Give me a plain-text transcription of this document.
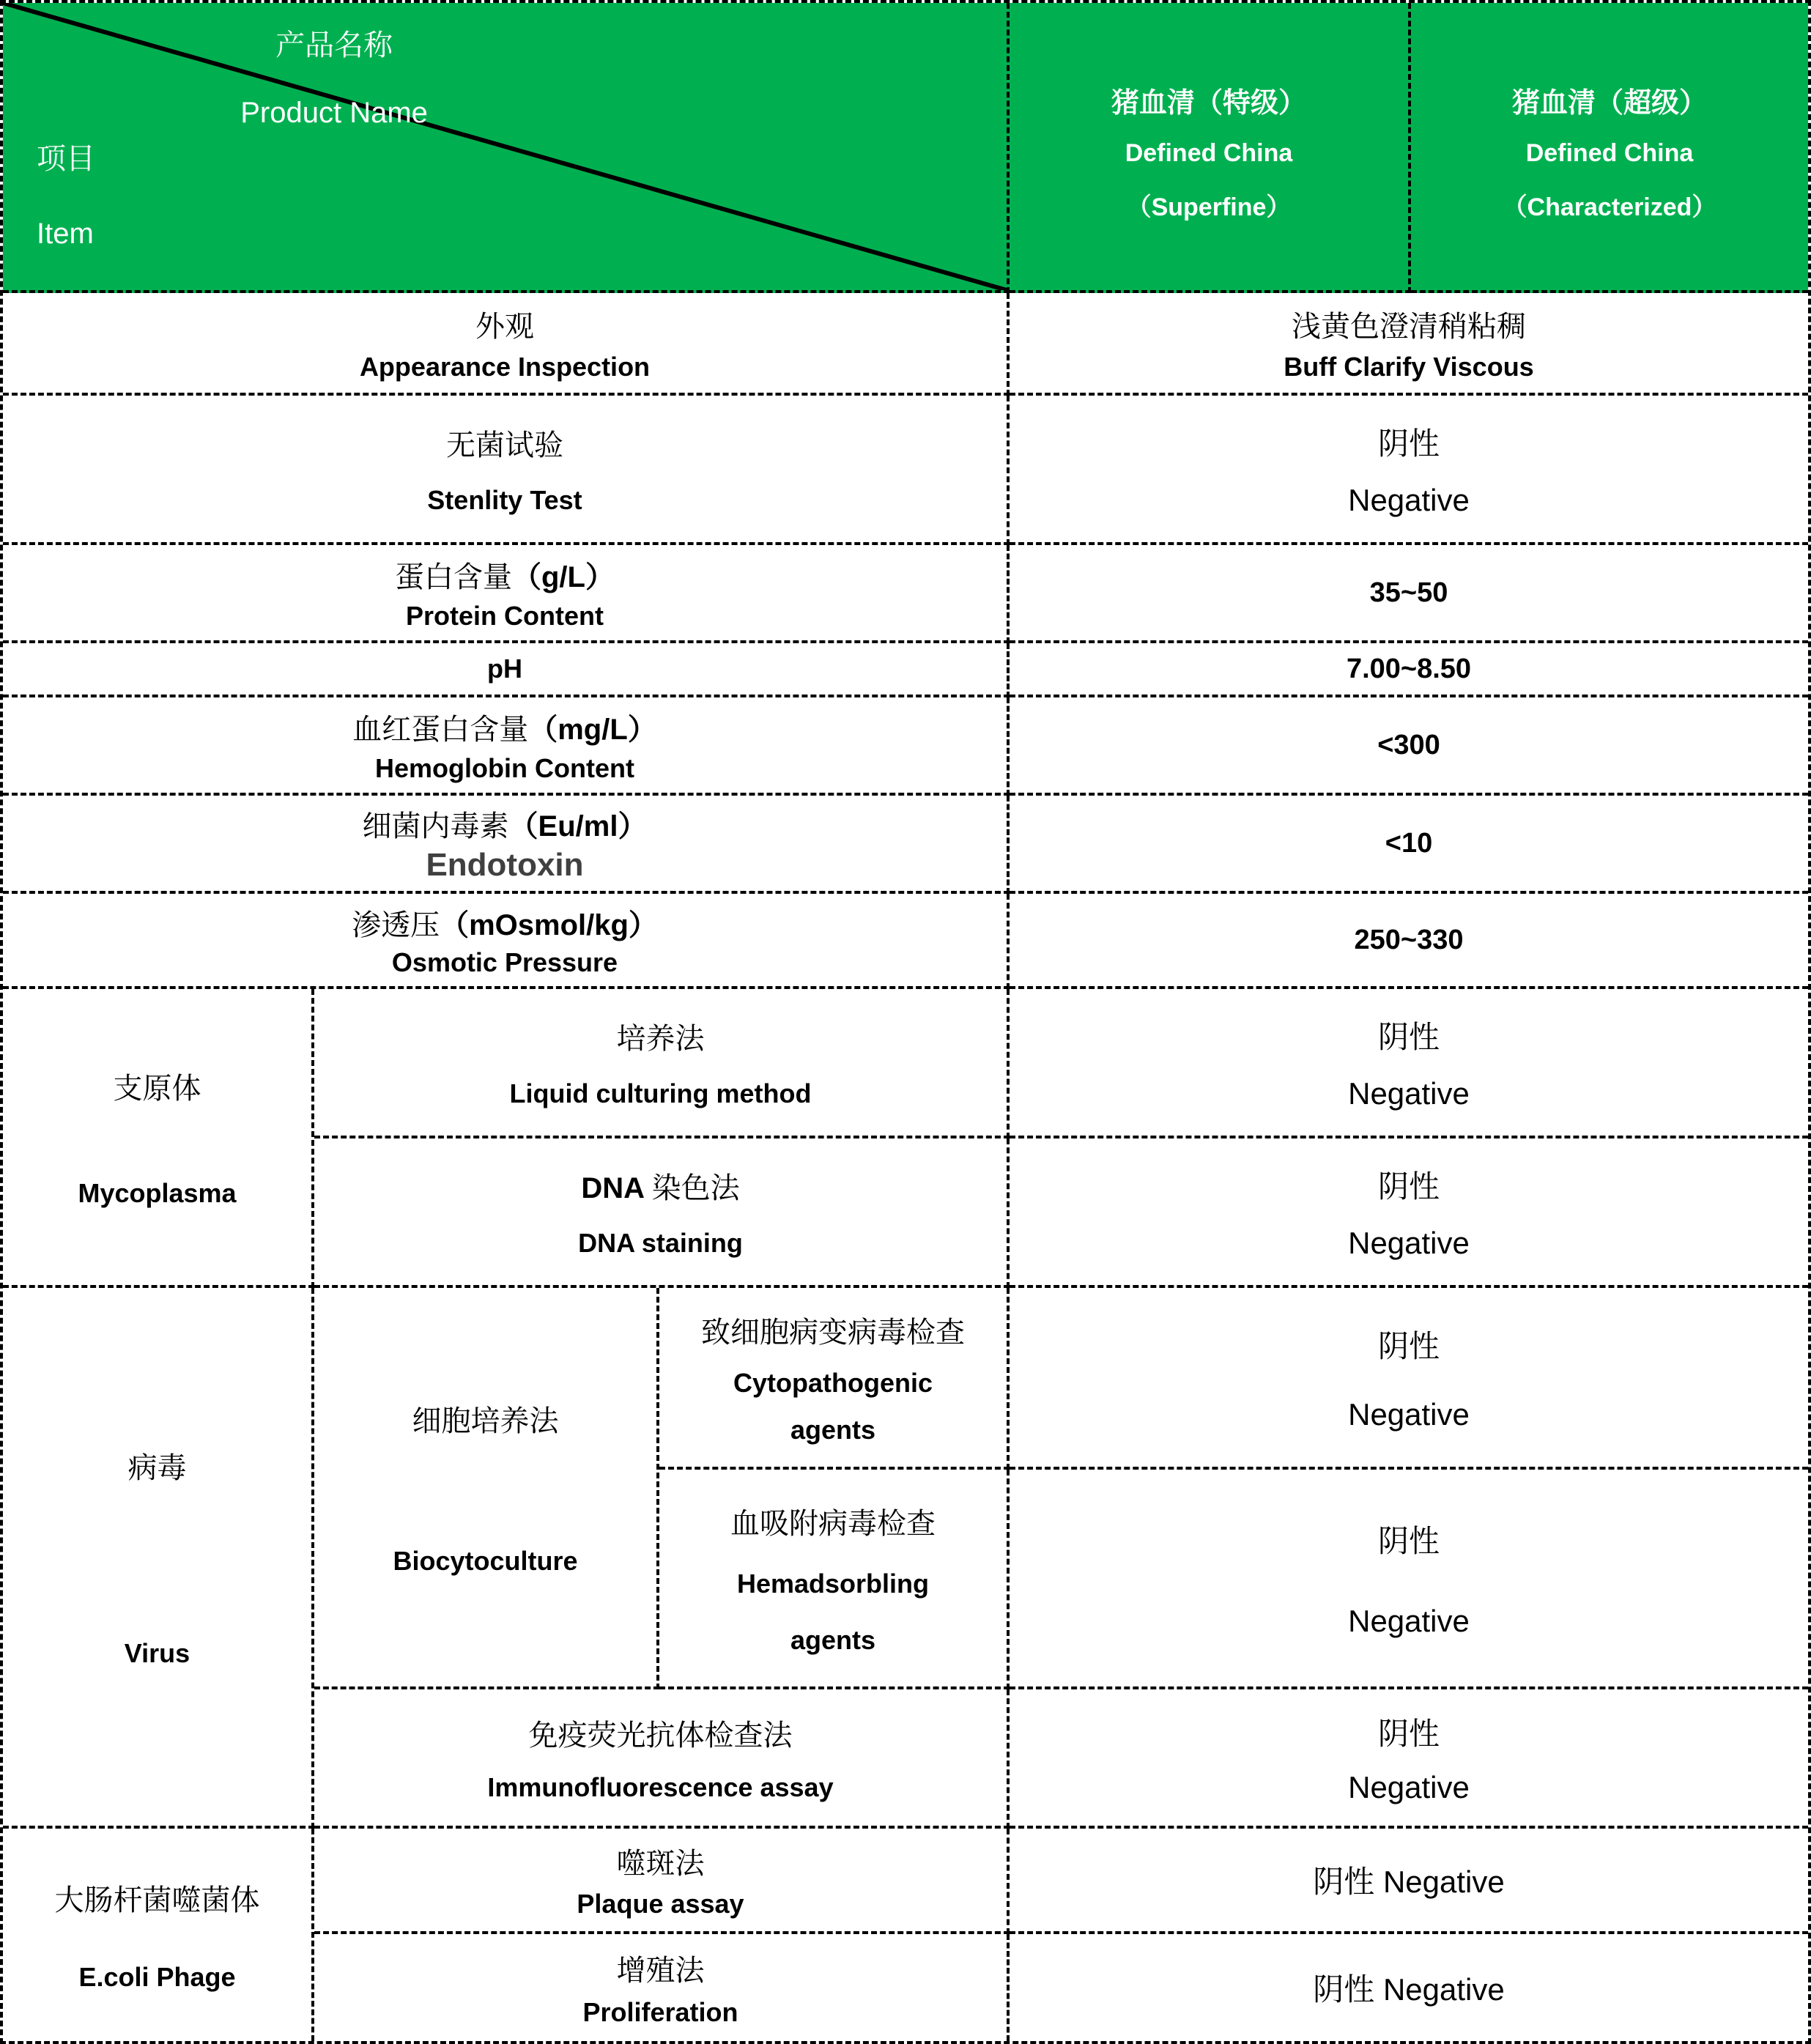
产品名称
Product Name
项目
Item
猪血清（特级）
Defined China
（Superfine）
猪血清（超级）
Defined China
（Characterized）
外观
Appearance Inspection
浅黄色澄清稍粘稠
Buff Clarify Viscous
无菌试验
Stenlity Test
阴性
Negative
蛋白含量（g/L）
Protein Content
35~50
pH	7.00~8.50
血红蛋白含量（mg/L）
Hemoglobin Content
<300
细菌内毒素（Eu/ml）
Endotoxin
<10
渗透压（mOsmol/kg）
Osmotic Pressure
250~330
支原体
Mycoplasma
培养法
Liquid culturing method
阴性
Negative
DNA 染色法
DNA staining
阴性
Negative
病毒
Virus
细胞培养法
Biocytoculture
致细胞病变病毒检查
Cytopathogenic
agents
阴性
Negative
血吸附病毒检查
Hemadsorbling
agents
阴性
Negative
免疫荧光抗体检查法
Immunofluorescence assay
阴性
Negative
大肠杆菌噬菌体
E.coli Phage
噬斑法
Plaque assay
阴性 Negative
增殖法
Proliferation
阴性 Negative
